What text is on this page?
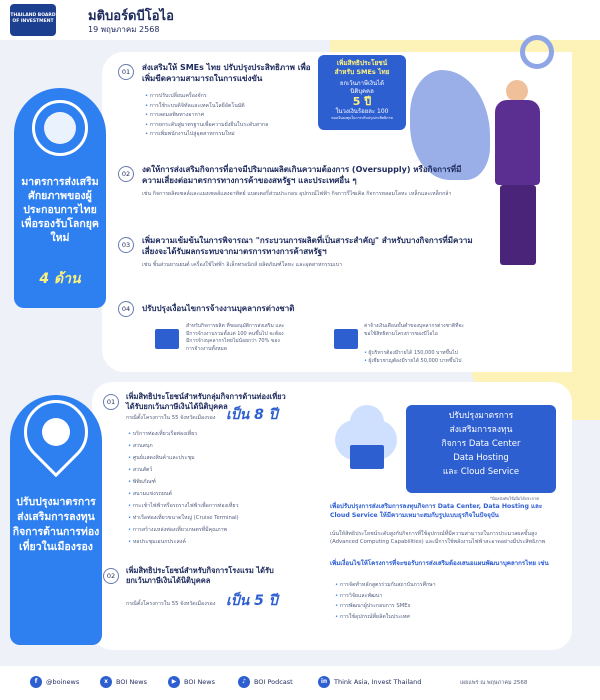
THAILAND BOARD OF INVESTMENT	มติบอร์ดบีโอไอ
19 พฤษภาคม 2568
มาตรการส่งเสริมศักยภาพของผู้ประกอบการไทย เพื่อรองรับโลกยุคใหม่
4 ด้าน
เพิ่มสิทธิประโยชน์
สำหรับ SMEs ไทย
ยกเว้นภาษีเงินได้
นิติบุคคล
5 ปี
ในวงเงินร้อยละ 100
ของเงินลงทุนในการปรับปรุงประสิทธิภาพ
01	ส่งเสริมให้ SMEs ไทย ปรับปรุงประสิทธิภาพ เพื่อเพิ่มขีดความสามารถในการแข่งขัน
• การปรับเปลี่ยนเครื่องจักร
• การใช้ระบบดิจิทัลและเทคโนโลยีอัตโนมัติ
• การลดมลพิษทางอากาศ
• การยกระดับสู่มาตรฐานเพื่อความยั่งยืนในระดับสากล
• การเพิ่มพนักงานไปสู่อุตสาหกรรมใหม่
02	งดให้การส่งเสริมกิจการที่อาจมีปริมาณผลิตเกินความต้องการ (Oversupply) หรือกิจการที่มีความเสี่ยงต่อมาตรการทางการค้าของสหรัฐฯ และประเทศอื่น ๆ
เช่น กิจการผลิตเซลล์และแผงเซลล์แสงอาทิตย์ แบตเตอรี่ส่วนประกอบ อุปกรณ์ไฟฟ้า กิจการรีไซเคิล กิจการหลอมโลหะ เหล็กและเหล็กกล้า
03	เพิ่มความเข้มข้นในการพิจารณา "กระบวนการผลิตที่เป็นสาระสำคัญ" สำหรับบางกิจการที่มีความเสี่ยงจะได้รับผลกระทบจากมาตรการทางการค้าสหรัฐฯ
เช่น ชิ้นส่วนยานยนต์ เครื่องใช้ไฟฟ้า อิเล็กทรอนิกส์ ผลิตภัณฑ์โลหะ และอุตสาหกรรมเบา
04	ปรับปรุงเงื่อนไขการจ้างงานบุคลากรต่างชาติ
สำหรับกิจการผลิต ที่ขออนุมัติการส่งเสริม และมีการจ้างงานรวมตั้งแต่ 100 คนขึ้นไป จะต้องมีการจ้างบุคลากรไทยไม่น้อยกว่า 70% ของการจ้างงานทั้งหมด
ค่าจ้างเงินเดือนขั้นต่ำของบุคลากรต่างชาติที่จะขอใช้สิทธิตามโครงการของบีโอไอ
• ผู้บริหารต้องมีรายได้ 150,000 บาทขึ้นไป
• ผู้เชี่ยวชาญต้องมีรายได้ 50,000 บาทขึ้นไป
ปรับปรุงมาตรการส่งเสริมการลงทุนกิจการด้านการท่องเที่ยวในเมืองรอง
01
เพิ่มสิทธิประโยชน์สำหรับกลุ่มกิจการด้านท่องเที่ยว ได้รับยกเว้นภาษีเงินได้นิติบุคคล
เป็น 8 ปี
กรณีตั้งโครงการใน 55 จังหวัดเมืองรอง
• บริการท่องเที่ยวเรือท่องเที่ยว
• สวนสนุก
• ศูนย์แสดงสินค้าและประชุม
• สวนสัตว์
• พิพิธภัณฑ์
• สนามแข่งรถยนต์
• กระเช้าไฟฟ้าหรือรถรางไฟฟ้าเพื่อการท่องเที่ยว
• ท่าเรือท่องเที่ยวขนาดใหญ่ (Cruise Terminal)
• การสร้างแหล่งท่องเที่ยวเกษตรที่มีคุณภาพ
• หอประชุมเอนกประสงค์
02
เพิ่มสิทธิประโยชน์สำหรับกิจการโรงแรม ได้รับยกเว้นภาษีเงินได้นิติบุคคล
เป็น 5 ปี
กรณีตั้งโครงการใน 55 จังหวัดเมืองรอง
ปรับปรุงมาตรการ
ส่งเสริมการลงทุน
กิจการ Data Center
Data Hosting
และ Cloud Service
*มีผลบังคับใช้เมื่อได้ประกาศ
เพื่อปรับปรุงการส่งเสริมการลงทุนกิจการ Data Center, Data Hosting และ Cloud Service ให้มีความเหมาะสมกับรูปแบบธุรกิจในปัจจุบัน
เน้นให้สิทธิประโยชน์ระดับสูงกับกิจการที่ใช้อุปกรณ์ที่มีความสามารถในการประมวลผลขั้นสูง (Advanced Computing Capabilities) และมีการใช้พลังงานไฟฟ้าสะอาดอย่างมีประสิทธิภาพ
เพิ่มเงื่อนไขให้โครงการที่จะขอรับการส่งเสริมต้องเสนอแผนพัฒนาบุคลากรไทย เช่น
• การจัดทำหลักสูตรร่วมกับสถาบันการศึกษา
• การวิจัยและพัฒนา
• การพัฒนาผู้ประกอบการ SMEs
• การใช้อุปกรณ์ที่ผลิตในประเทศ
f	@boinews	x	BOI News	▶	BOI News	♪	BOI Podcast	in	Think Asia, Invest Thailand	เผยแพร่ ณ พฤษภาคม 2568
